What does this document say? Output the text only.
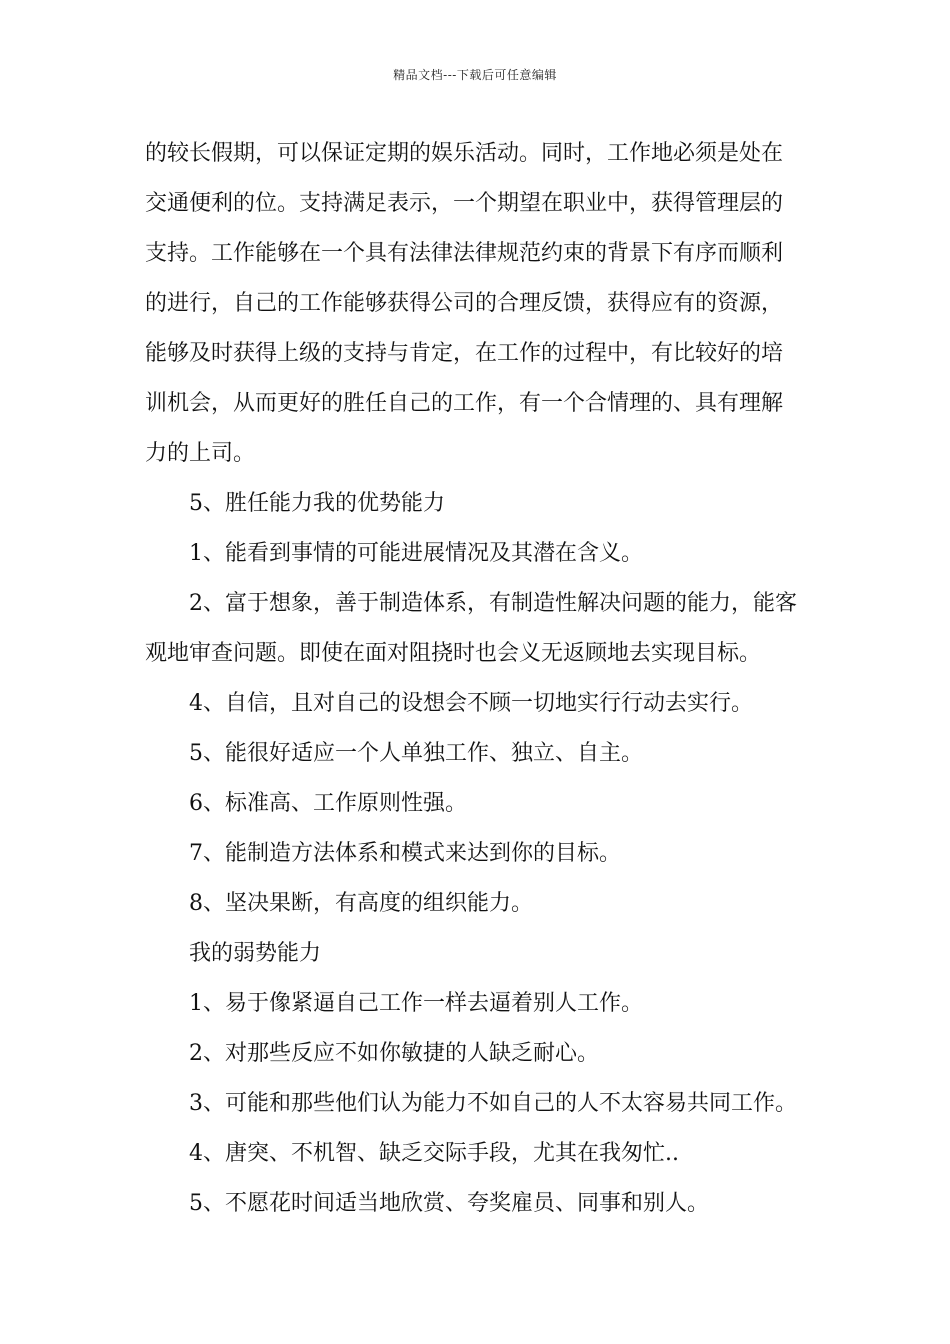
精品文档---下载后可任意编辑
的较长假期，可以保证定期的娱乐活动。同时，工作地必须是处在
交通便利的位。支持满足表示，一个期望在职业中，获得管理层的
支持。工作能够在一个具有法律法律规范约束的背景下有序而顺利
的进行，自己的工作能够获得公司的合理反馈，获得应有的资源，
能够及时获得上级的支持与肯定，在工作的过程中，有比较好的培
训机会，从而更好的胜任自己的工作，有一个合情理的、具有理解
力的上司。
5、胜任能力我的优势能力
1、能看到事情的可能进展情况及其潜在含义。
2、富于想象，善于制造体系，有制造性解决问题的能力，能客
观地审查问题。即使在面对阻挠时也会义无返顾地去实现目标。
4、自信，且对自己的设想会不顾一切地实行行动去实行。
5、能很好适应一个人单独工作、独立、自主。
6、标准高、工作原则性强。
7、能制造方法体系和模式来达到你的目标。
8、坚决果断，有高度的组织能力。
我的弱势能力
1、易于像紧逼自己工作一样去逼着别人工作。
2、对那些反应不如你敏捷的人缺乏耐心。
3、可能和那些他们认为能力不如自己的人不太容易共同工作。
4、唐突、不机智、缺乏交际手段，尤其在我匆忙..
5、不愿花时间适当地欣赏、夸奖雇员、同事和别人。
